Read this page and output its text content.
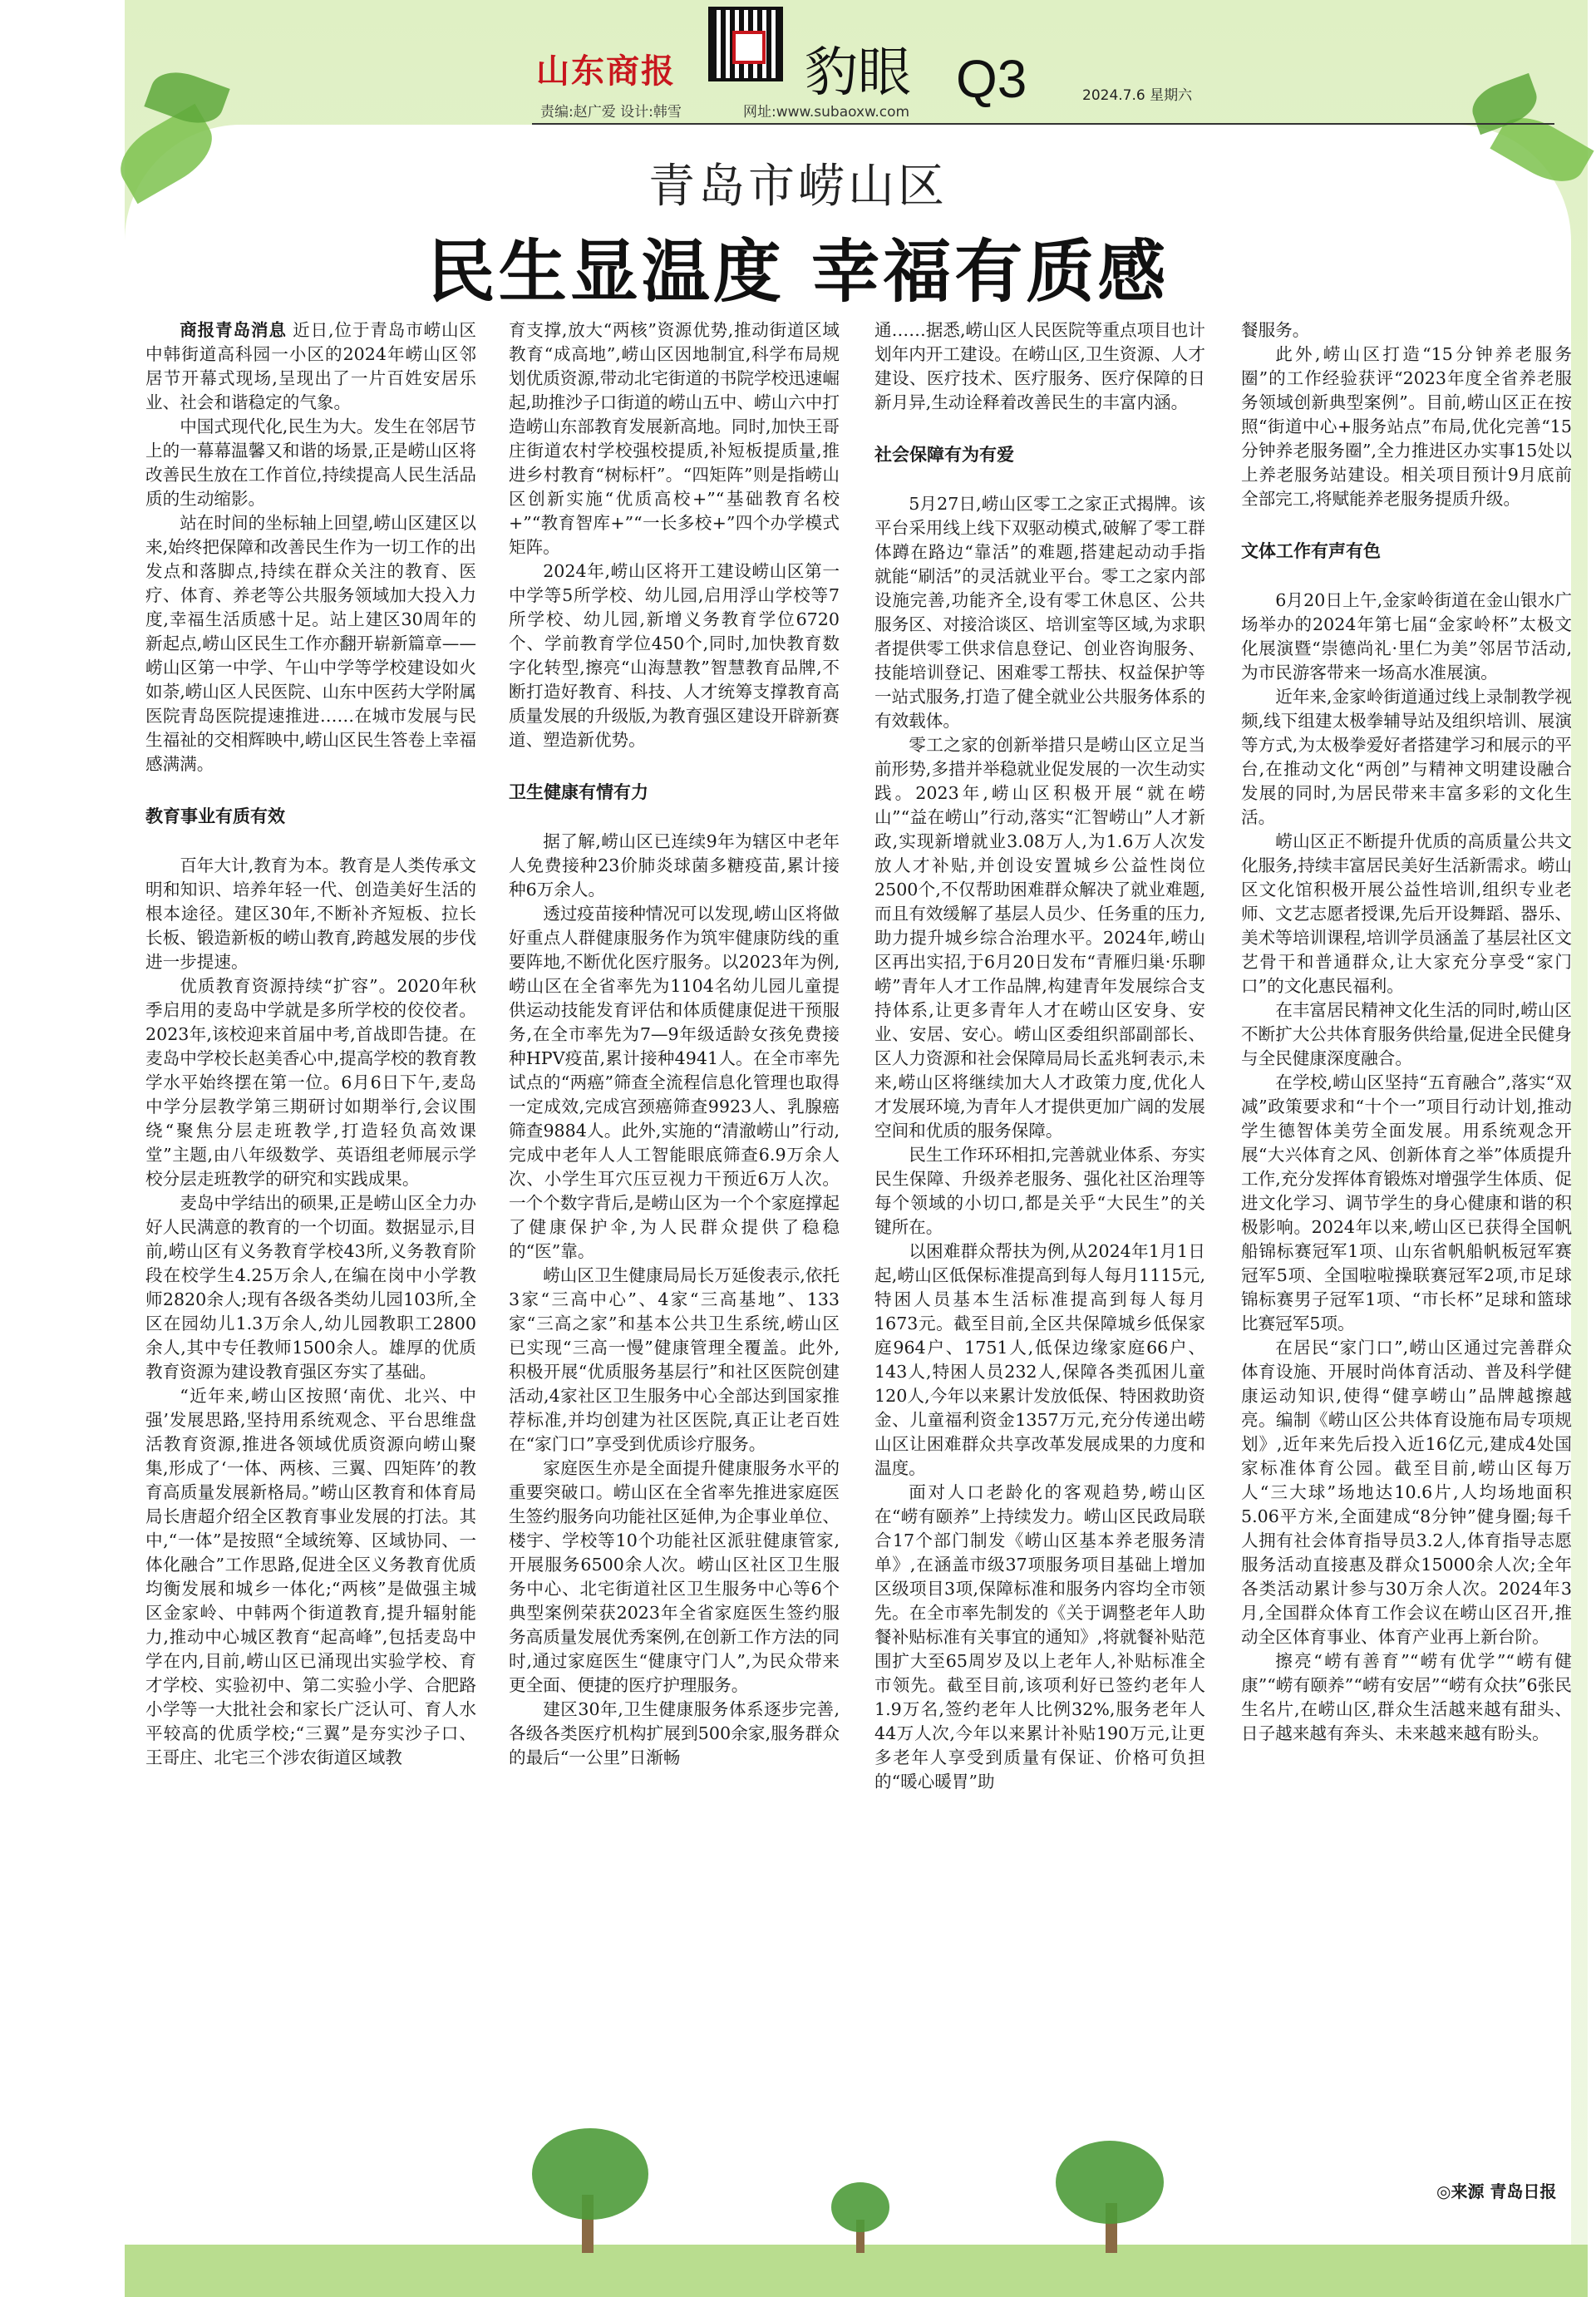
山东商报 豹眼 Q3	2024.7.6 星期六
责编:赵广爱 设计:韩雪	网址:www.subaoxw.com
青岛市崂山区
民生显温度 幸福有质感

商报青岛消息 近日,位于青岛市崂山区中韩街道高科园一小区的2024年崂山区邻居节开幕式现场,呈现出了一片百姓安居乐业、社会和谐稳定的气象。

中国式现代化,民生为大。发生在邻居节上的一幕幕温馨又和谐的场景,正是崂山区将改善民生放在工作首位,持续提高人民生活品质的生动缩影。

站在时间的坐标轴上回望,崂山区建区以来,始终把保障和改善民生作为一切工作的出发点和落脚点,持续在群众关注的教育、医疗、体育、养老等公共服务领域加大投入力度,幸福生活质感十足。站上建区30周年的新起点,崂山区民生工作亦翻开崭新篇章——崂山区第一中学、午山中学等学校建设如火如荼,崂山区人民医院、山东中医药大学附属医院青岛医院提速推进……在城市发展与民生福祉的交相辉映中,崂山区民生答卷上幸福感满满。

教育事业有质有效

百年大计,教育为本。教育是人类传承文明和知识、培养年轻一代、创造美好生活的根本途径。建区30年,不断补齐短板、拉长长板、锻造新板的崂山教育,跨越发展的步伐进一步提速。

优质教育资源持续“扩容”。2020年秋季启用的麦岛中学就是多所学校的佼佼者。2023年,该校迎来首届中考,首战即告捷。在麦岛中学校长赵美香心中,提高学校的教育教学水平始终摆在第一位。6月6日下午,麦岛中学分层教学第三期研讨如期举行,会议围绕“聚焦分层走班教学,打造轻负高效课堂”主题,由八年级数学、英语组老师展示学校分层走班教学的研究和实践成果。

麦岛中学结出的硕果,正是崂山区全力办好人民满意的教育的一个切面。数据显示,目前,崂山区有义务教育学校43所,义务教育阶段在校学生4.25万余人,在编在岗中小学教师2820余人;现有各级各类幼儿园103所,全区在园幼儿1.3万余人,幼儿园教职工2800余人,其中专任教师1500余人。雄厚的优质教育资源为建设教育强区夯实了基础。

“近年来,崂山区按照‘南优、北兴、中强’发展思路,坚持用系统观念、平台思维盘活教育资源,推进各领域优质资源向崂山聚集,形成了‘一体、两核、三翼、四矩阵’的教育高质量发展新格局。”崂山区教育和体育局局长唐超介绍全区教育事业发展的打法。其中,“一体”是按照“全域统筹、区域协同、一体化融合”工作思路,促进全区义务教育优质均衡发展和城乡一体化;“两核”是做强主城区金家岭、中韩两个街道教育,提升辐射能力,推动中心城区教育“起高峰”,包括麦岛中学在内,目前,崂山区已涌现出实验学校、育才学校、实验初中、第二实验小学、合肥路小学等一大批社会和家长广泛认可、育人水平较高的优质学校;“三翼”是夯实沙子口、王哥庄、北宅三个涉农街道区域教

育支撑,放大“两核”资源优势,推动街道区域教育“成高地”,崂山区因地制宜,科学布局规划优质资源,带动北宅街道的书院学校迅速崛起,助推沙子口街道的崂山五中、崂山六中打造崂山东部教育发展新高地。同时,加快王哥庄街道农村学校强校提质,补短板提质量,推进乡村教育“树标杆”。“四矩阵”则是指崂山区创新实施“优质高校+”“基础教育名校+”“教育智库+”“一长多校+”四个办学模式矩阵。

2024年,崂山区将开工建设崂山区第一中学等5所学校、幼儿园,启用浮山学校等7所学校、幼儿园,新增义务教育学位6720个、学前教育学位450个,同时,加快教育数字化转型,擦亮“山海慧教”智慧教育品牌,不断打造好教育、科技、人才统筹支撑教育高质量发展的升级版,为教育强区建设开辟新赛道、塑造新优势。

卫生健康有情有力

据了解,崂山区已连续9年为辖区中老年人免费接种23价肺炎球菌多糖疫苗,累计接种6万余人。

透过疫苗接种情况可以发现,崂山区将做好重点人群健康服务作为筑牢健康防线的重要阵地,不断优化医疗服务。以2023年为例,崂山区在全省率先为1104名幼儿园儿童提供运动技能发育评估和体质健康促进干预服务,在全市率先为7—9年级适龄女孩免费接种HPV疫苗,累计接种4941人。在全市率先试点的“两癌”筛查全流程信息化管理也取得一定成效,完成宫颈癌筛查9923人、乳腺癌筛查9884人。此外,实施的“清澈崂山”行动,完成中老年人人工智能眼底筛查6.9万余人次、小学生耳穴压豆视力干预近6万人次。一个个数字背后,是崂山区为一个个家庭撑起了健康保护伞,为人民群众提供了稳稳的“医”靠。

崂山区卫生健康局局长万延俊表示,依托3家“三高中心”、4家“三高基地”、133家“三高之家”和基本公共卫生系统,崂山区已实现“三高一慢”健康管理全覆盖。此外,积极开展“优质服务基层行”和社区医院创建活动,4家社区卫生服务中心全部达到国家推荐标准,并均创建为社区医院,真正让老百姓在“家门口”享受到优质诊疗服务。

家庭医生亦是全面提升健康服务水平的重要突破口。崂山区在全省率先推进家庭医生签约服务向功能社区延伸,为企事业单位、楼宇、学校等10个功能社区派驻健康管家,开展服务6500余人次。崂山区社区卫生服务中心、北宅街道社区卫生服务中心等6个典型案例荣获2023年全省家庭医生签约服务高质量发展优秀案例,在创新工作方法的同时,通过家庭医生“健康守门人”,为民众带来更全面、便捷的医疗护理服务。

建区30年,卫生健康服务体系逐步完善,各级各类医疗机构扩展到500余家,服务群众的最后“一公里”日渐畅

通……据悉,崂山区人民医院等重点项目也计划年内开工建设。在崂山区,卫生资源、人才建设、医疗技术、医疗服务、医疗保障的日新月异,生动诠释着改善民生的丰富内涵。

社会保障有为有爱

5月27日,崂山区零工之家正式揭牌。该平台采用线上线下双驱动模式,破解了零工群体蹲在路边“靠活”的难题,搭建起动动手指就能“刷活”的灵活就业平台。零工之家内部设施完善,功能齐全,设有零工休息区、公共服务区、对接洽谈区、培训室等区域,为求职者提供零工供求信息登记、创业咨询服务、技能培训登记、困难零工帮扶、权益保护等一站式服务,打造了健全就业公共服务体系的有效载体。

零工之家的创新举措只是崂山区立足当前形势,多措并举稳就业促发展的一次生动实践。2023年,崂山区积极开展“就在崂山”“益在崂山”行动,落实“汇智崂山”人才新政,实现新增就业3.08万人,为1.6万人次发放人才补贴,并创设安置城乡公益性岗位2500个,不仅帮助困难群众解决了就业难题,而且有效缓解了基层人员少、任务重的压力,助力提升城乡综合治理水平。2024年,崂山区再出实招,于6月20日发布“青雁归巢·乐聊崂”青年人才工作品牌,构建青年发展综合支持体系,让更多青年人才在崂山区安身、安业、安居、安心。崂山区委组织部副部长、区人力资源和社会保障局局长孟兆轲表示,未来,崂山区将继续加大人才政策力度,优化人才发展环境,为青年人才提供更加广阔的发展空间和优质的服务保障。

民生工作环环相扣,完善就业体系、夯实民生保障、升级养老服务、强化社区治理等每个领域的小切口,都是关乎“大民生”的关键所在。

以困难群众帮扶为例,从2024年1月1日起,崂山区低保标准提高到每人每月1115元,特困人员基本生活标准提高到每人每月1673元。截至目前,全区共保障城乡低保家庭964户、1751人,低保边缘家庭66户、143人,特困人员232人,保障各类孤困儿童120人,今年以来累计发放低保、特困救助资金、儿童福利资金1357万元,充分传递出崂山区让困难群众共享改革发展成果的力度和温度。

面对人口老龄化的客观趋势,崂山区在“崂有颐养”上持续发力。崂山区民政局联合17个部门制发《崂山区基本养老服务清单》,在涵盖市级37项服务项目基础上增加区级项目3项,保障标准和服务内容均全市领先。在全市率先制发的《关于调整老年人助餐补贴标准有关事宜的通知》,将就餐补贴范围扩大至65周岁及以上老年人,补贴标准全市领先。截至目前,该项利好已签约老年人1.9万名,签约老年人比例32%,服务老年人44万人次,今年以来累计补贴190万元,让更多老年人享受到质量有保证、价格可负担的“暖心暖胃”助

餐服务。

此外,崂山区打造“15分钟养老服务圈”的工作经验获评“2023年度全省养老服务领域创新典型案例”。目前,崂山区正在按照“街道中心+服务站点”布局,优化完善“15分钟养老服务圈”,全力推进区办实事15处以上养老服务站建设。相关项目预计9月底前全部完工,将赋能养老服务提质升级。

文体工作有声有色

6月20日上午,金家岭街道在金山银水广场举办的2024年第七届“金家岭杯”太极文化展演暨“崇德尚礼·里仁为美”邻居节活动,为市民游客带来一场高水准展演。

近年来,金家岭街道通过线上录制教学视频,线下组建太极拳辅导站及组织培训、展演等方式,为太极拳爱好者搭建学习和展示的平台,在推动文化“两创”与精神文明建设融合发展的同时,为居民带来丰富多彩的文化生活。

崂山区正不断提升优质的高质量公共文化服务,持续丰富居民美好生活新需求。崂山区文化馆积极开展公益性培训,组织专业老师、文艺志愿者授课,先后开设舞蹈、器乐、美术等培训课程,培训学员涵盖了基层社区文艺骨干和普通群众,让大家充分享受“家门口”的文化惠民福利。

在丰富居民精神文化生活的同时,崂山区不断扩大公共体育服务供给量,促进全民健身与全民健康深度融合。

在学校,崂山区坚持“五育融合”,落实“双减”政策要求和“十个一”项目行动计划,推动学生德智体美劳全面发展。用系统观念开展“大兴体育之风、创新体育之举”体质提升工作,充分发挥体育锻炼对增强学生体质、促进文化学习、调节学生的身心健康和谐的积极影响。2024年以来,崂山区已获得全国帆船锦标赛冠军1项、山东省帆船帆板冠军赛冠军5项、全国啦啦操联赛冠军2项,市足球锦标赛男子冠军1项、“市长杯”足球和篮球比赛冠军5项。

在居民“家门口”,崂山区通过完善群众体育设施、开展时尚体育活动、普及科学健康运动知识,使得“健享崂山”品牌越擦越亮。编制《崂山区公共体育设施布局专项规划》,近年来先后投入近16亿元,建成4处国家标准体育公园。截至目前,崂山区每万人“三大球”场地达10.6片,人均场地面积5.06平方米,全面建成“8分钟”健身圈;每千人拥有社会体育指导员3.2人,体育指导志愿服务活动直接惠及群众15000余人次;全年各类活动累计参与30万余人次。2024年3月,全国群众体育工作会议在崂山区召开,推动全区体育事业、体育产业再上新台阶。

擦亮“崂有善育”“崂有优学”“崂有健康”“崂有颐养”“崂有安居”“崂有众扶”6张民生名片,在崂山区,群众生活越来越有甜头、日子越来越有奔头、未来越来越有盼头。

◎来源 青岛日报
